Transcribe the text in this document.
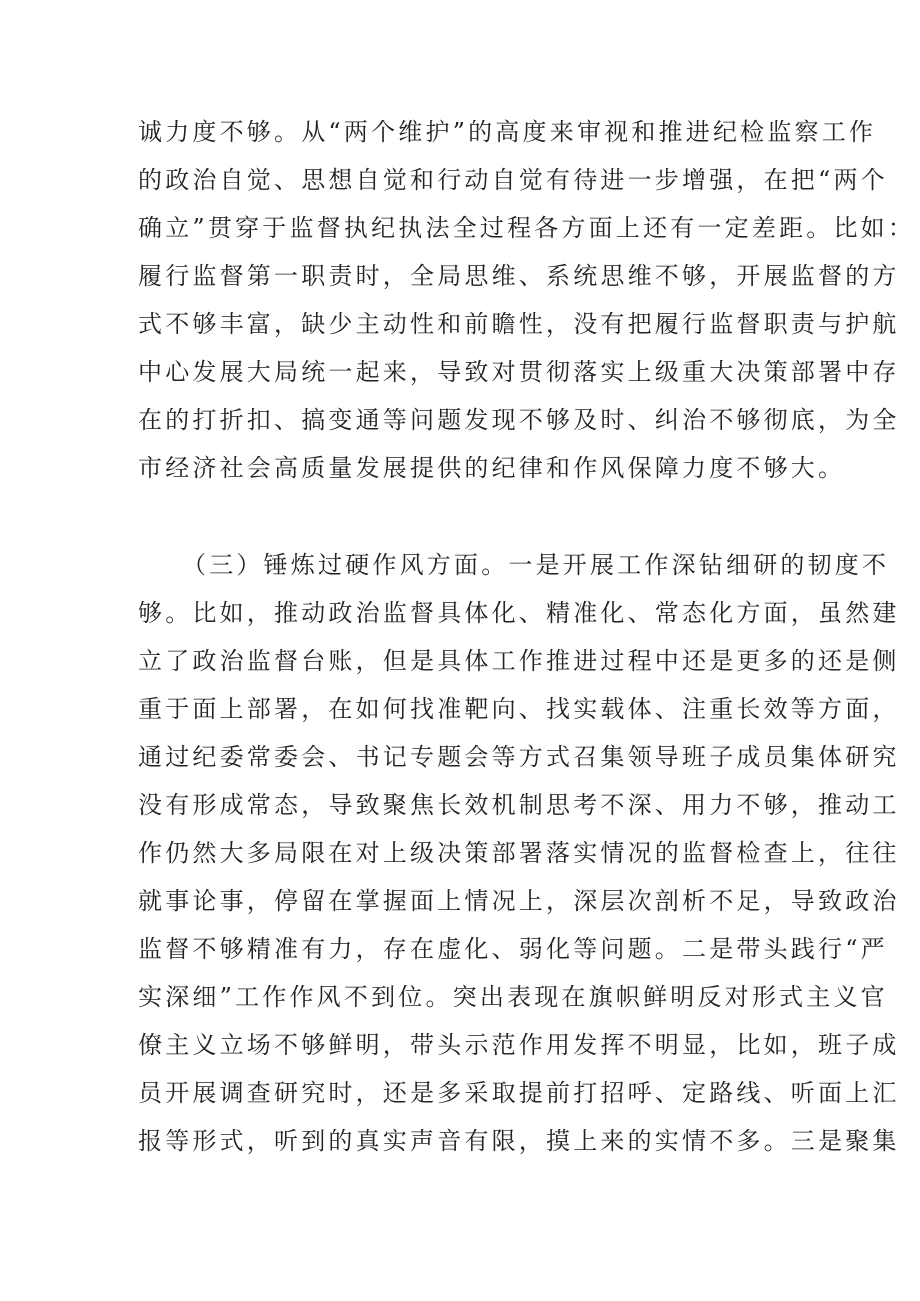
诚力度不够。从“两个维护”的高度来审视和推进纪检监察工作
的政治自觉、思想自觉和行动自觉有待进一步增强，在把“两个
确立”贯穿于监督执纪执法全过程各方面上还有一定差距。比如：
履行监督第一职责时，全局思维、系统思维不够，开展监督的方
式不够丰富，缺少主动性和前瞻性，没有把履行监督职责与护航
中心发展大局统一起来，导致对贯彻落实上级重大决策部署中存
在的打折扣、搞变通等问题发现不够及时、纠治不够彻底，为全
市经济社会高质量发展提供的纪律和作风保障力度不够大。
（三）锤炼过硬作风方面。一是开展工作深钻细研的韧度不
够。比如，推动政治监督具体化、精准化、常态化方面，虽然建
立了政治监督台账，但是具体工作推进过程中还是更多的还是侧
重于面上部署，在如何找准靶向、找实载体、注重长效等方面，
通过纪委常委会、书记专题会等方式召集领导班子成员集体研究
没有形成常态，导致聚焦长效机制思考不深、用力不够，推动工
作仍然大多局限在对上级决策部署落实情况的监督检查上，往往
就事论事，停留在掌握面上情况上，深层次剖析不足，导致政治
监督不够精准有力，存在虚化、弱化等问题。二是带头践行“严
实深细”工作作风不到位。突出表现在旗帜鲜明反对形式主义官
僚主义立场不够鲜明，带头示范作用发挥不明显，比如，班子成
员开展调查研究时，还是多采取提前打招呼、定路线、听面上汇
报等形式，听到的真实声音有限，摸上来的实情不多。三是聚集
